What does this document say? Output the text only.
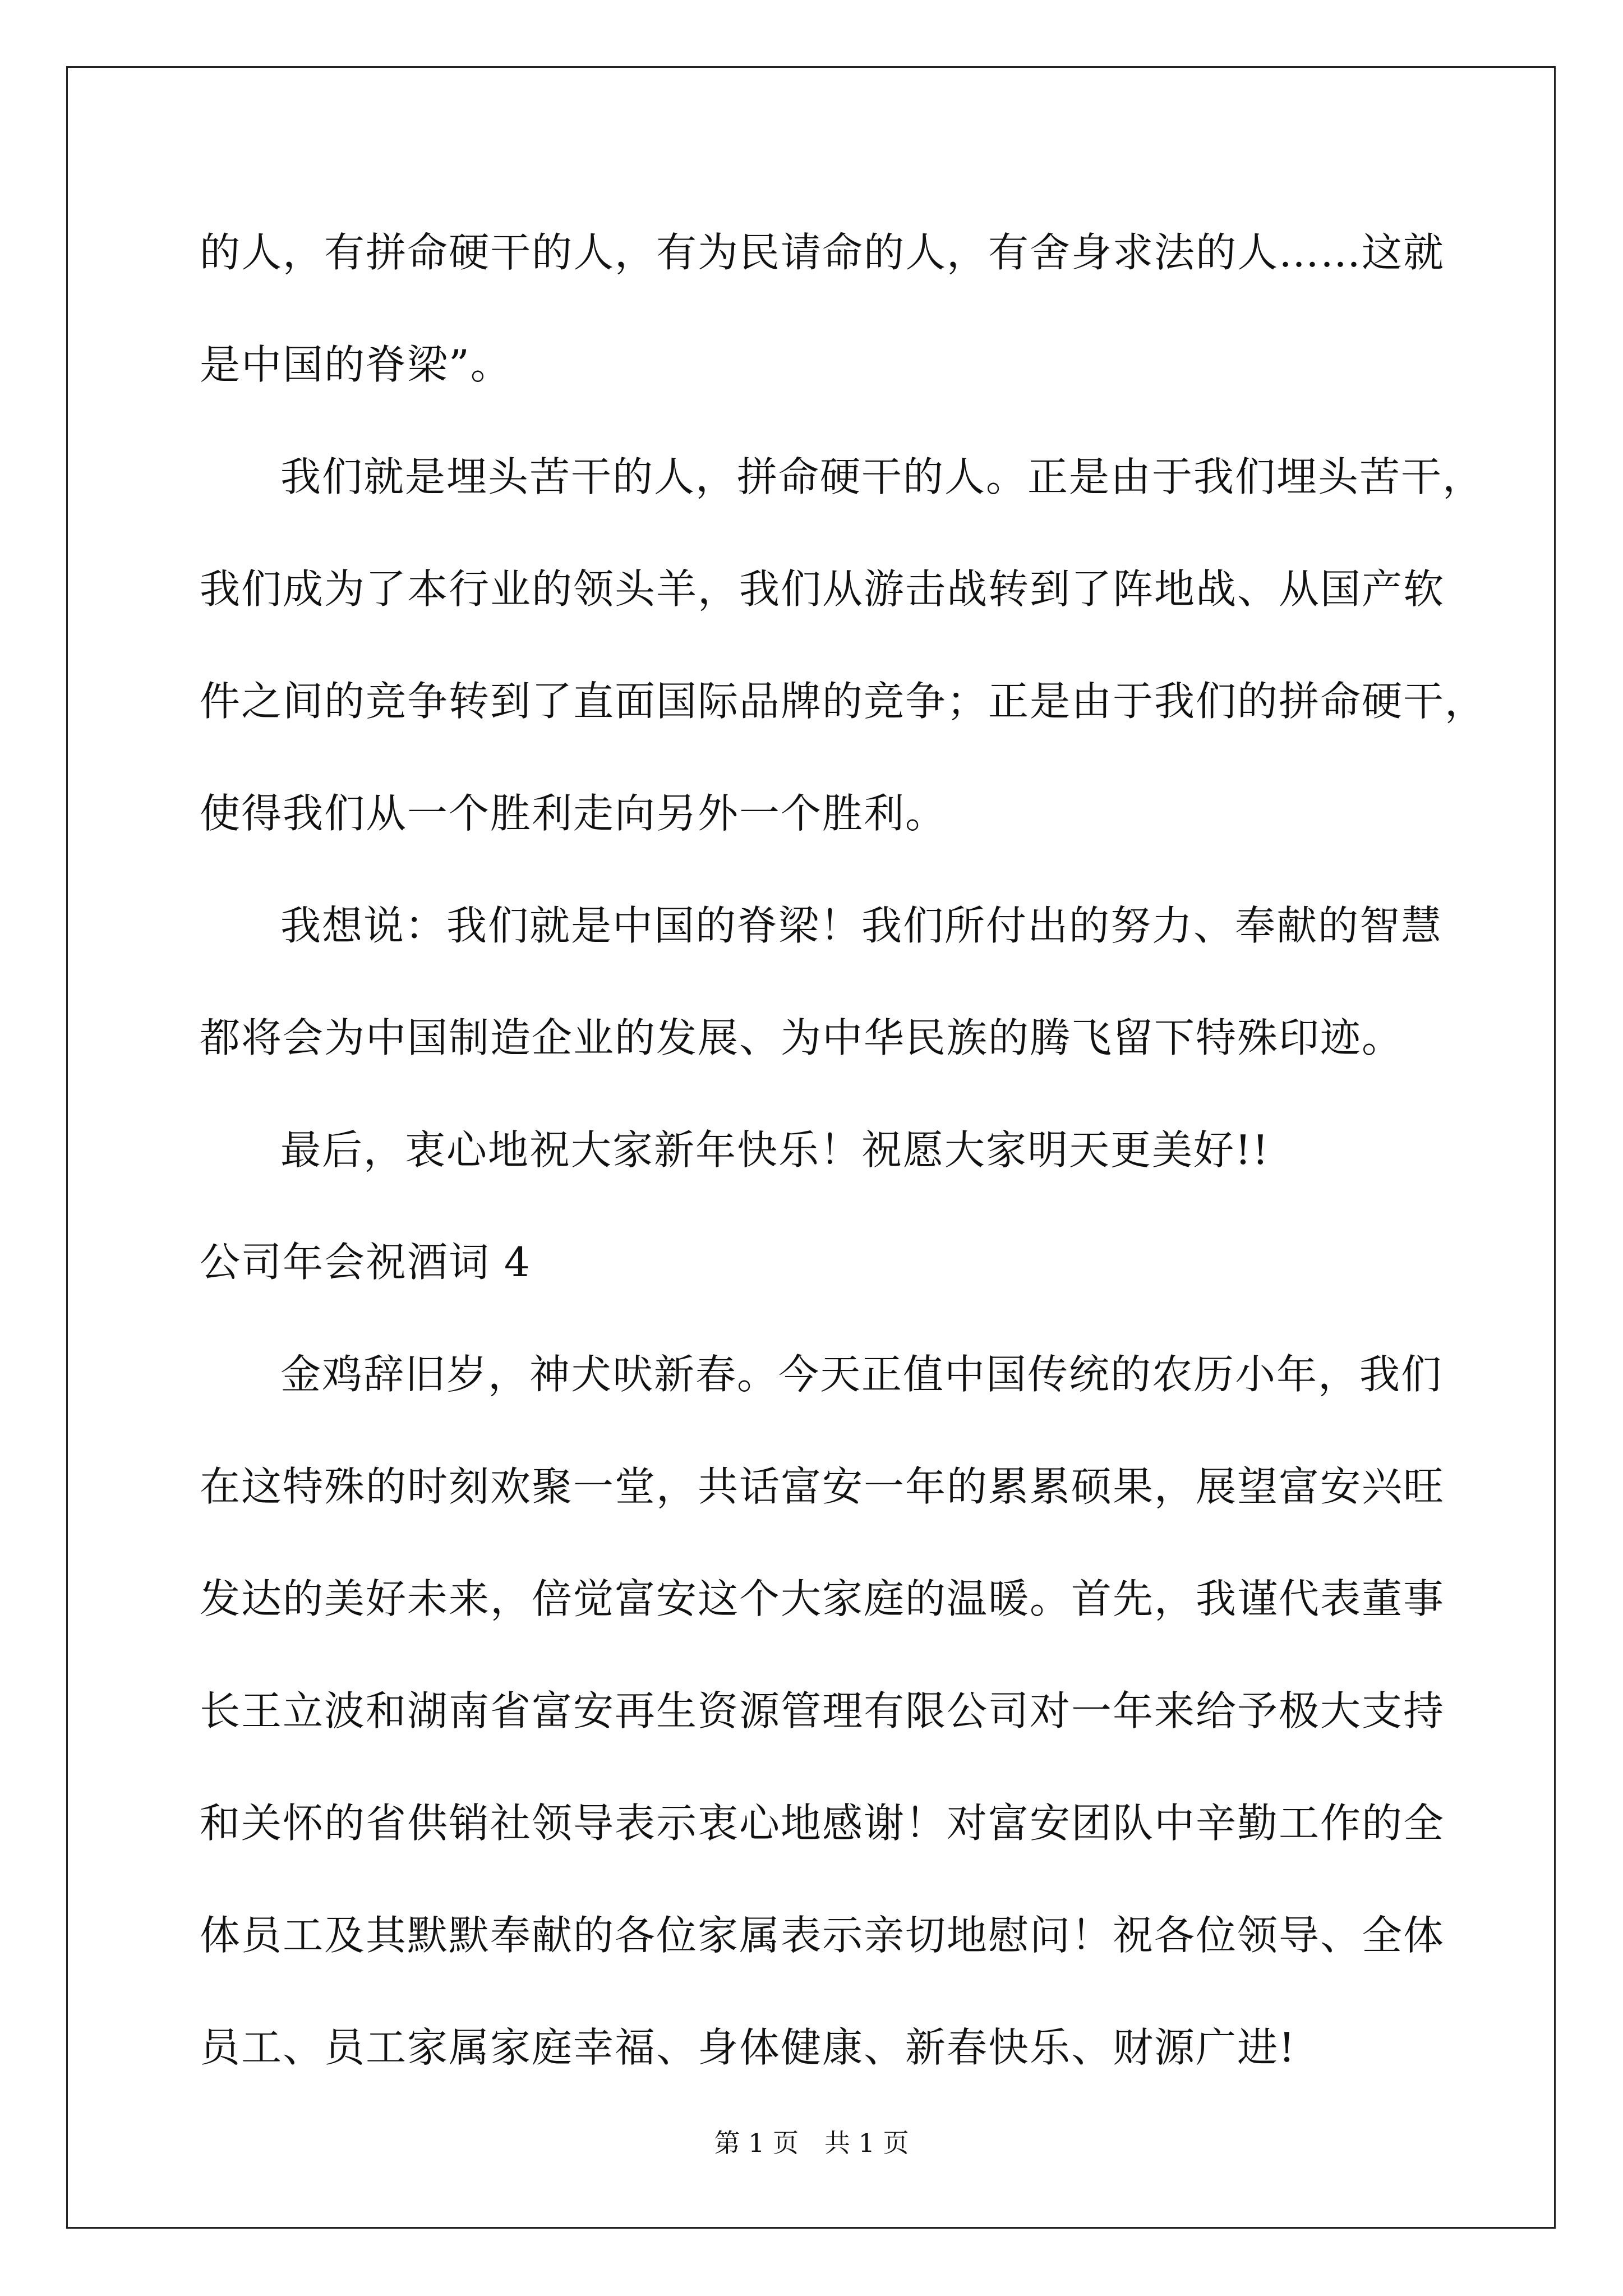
的人，有拼命硬干的人，有为民请命的人，有舍身求法的人……这就
是中国的脊梁”。
我们就是埋头苦干的人，拼命硬干的人。正是由于我们埋头苦干，
我们成为了本行业的领头羊，我们从游击战转到了阵地战、从国产软
件之间的竞争转到了直面国际品牌的竞争；正是由于我们的拼命硬干，
使得我们从一个胜利走向另外一个胜利。
我想说：我们就是中国的脊梁！我们所付出的努力、奉献的智慧
都将会为中国制造企业的发展、为中华民族的腾飞留下特殊印迹。
最后，衷心地祝大家新年快乐！祝愿大家明天更美好!!
公司年会祝酒词 4
金鸡辞旧岁，神犬吠新春。今天正值中国传统的农历小年，我们
在这特殊的时刻欢聚一堂，共话富安一年的累累硕果，展望富安兴旺
发达的美好未来，倍觉富安这个大家庭的温暖。首先，我谨代表董事
长王立波和湖南省富安再生资源管理有限公司对一年来给予极大支持
和关怀的省供销社领导表示衷心地感谢！对富安团队中辛勤工作的全
体员工及其默默奉献的各位家属表示亲切地慰问！祝各位领导、全体
员工、员工家属家庭幸福、身体健康、新春快乐、财源广进!
第 1 页　共 1 页
